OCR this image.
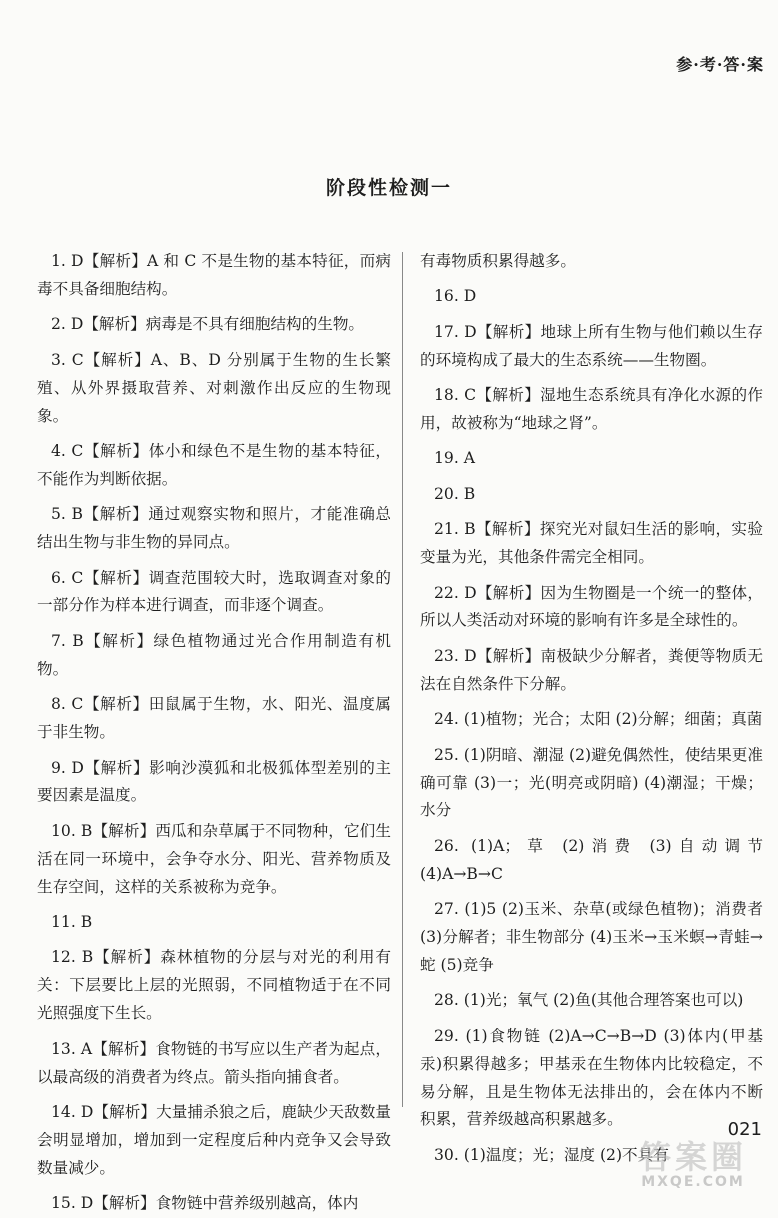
参·考·答·案
阶段性检测一
1. D【解析】A 和 C 不是生物的基本特征，而病毒不具备细胞结构。
2. D【解析】病毒是不具有细胞结构的生物。
3. C【解析】A、B、D 分别属于生物的生长繁殖、从外界摄取营养、对刺激作出反应的生物现象。
4. C【解析】体小和绿色不是生物的基本特征，不能作为判断依据。
5. B【解析】通过观察实物和照片，才能准确总结出生物与非生物的异同点。
6. C【解析】调查范围较大时，选取调查对象的一部分作为样本进行调查，而非逐个调查。
7. B【解析】绿色植物通过光合作用制造有机物。
8. C【解析】田鼠属于生物，水、阳光、温度属于非生物。
9. D【解析】影响沙漠狐和北极狐体型差别的主要因素是温度。
10. B【解析】西瓜和杂草属于不同物种，它们生活在同一环境中，会争夺水分、阳光、营养物质及生存空间，这样的关系被称为竞争。
11. B
12. B【解析】森林植物的分层与对光的利用有关：下层要比上层的光照弱，不同植物适于在不同光照强度下生长。
13. A【解析】食物链的书写应以生产者为起点，以最高级的消费者为终点。箭头指向捕食者。
14. D【解析】大量捕杀狼之后，鹿缺少天敌数量会明显增加，增加到一定程度后种内竞争又会导致数量减少。
15. D【解析】食物链中营养级别越高，体内
有毒物质积累得越多。
16. D
17. D【解析】地球上所有生物与他们赖以生存的环境构成了最大的生态系统——生物圈。
18. C【解析】湿地生态系统具有净化水源的作用，故被称为“地球之肾”。
19. A
20. B
21. B【解析】探究光对鼠妇生活的影响，实验变量为光，其他条件需完全相同。
22. D【解析】因为生物圈是一个统一的整体，所以人类活动对环境的影响有许多是全球性的。
23. D【解析】南极缺少分解者，粪便等物质无法在自然条件下分解。
24. (1)植物；光合；太阳 (2)分解；细菌；真菌
25. (1)阴暗、潮湿 (2)避免偶然性，使结果更准确可靠 (3)一；光(明亮或阴暗) (4)潮湿；干燥；水分
26. (1)A；草 (2)消费 (3)自动调节 (4)A→B→C
27. (1)5 (2)玉米、杂草(或绿色植物)；消费者 (3)分解者；非生物部分 (4)玉米→玉米螟→青蛙→蛇 (5)竞争
28. (1)光；氧气 (2)鱼(其他合理答案也可以)
29. (1)食物链 (2)A→C→B→D (3)体内(甲基汞)积累得越多；甲基汞在生物体内比较稳定，不易分解，且是生物体无法排出的，会在体内不断积累，营养级越高积累越多。
30. (1)温度；光；湿度 (2)不具有
021
答案圈
MXQE.COM
